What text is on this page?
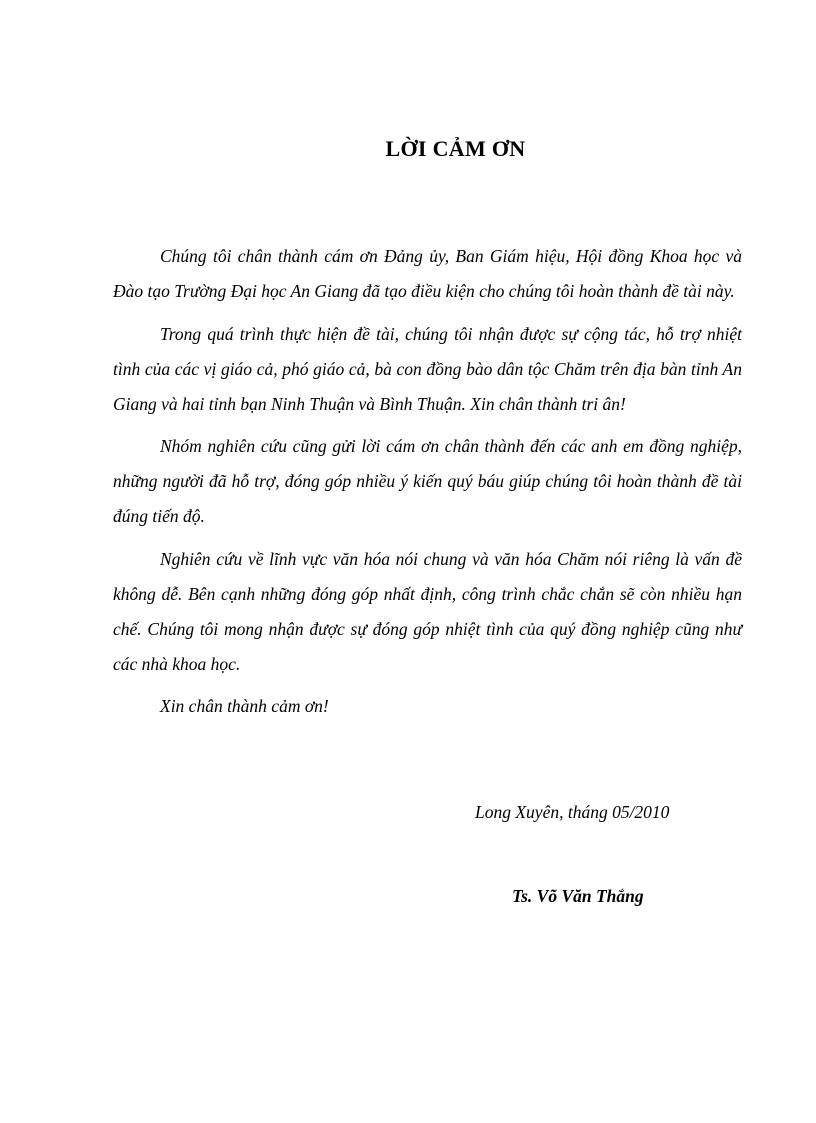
LỜI CẢM ƠN

Chúng tôi chân thành cám ơn Đảng ủy, Ban Giám hiệu, Hội đồng Khoa học và Đào tạo Trường Đại học An Giang đã tạo điều kiện cho chúng tôi hoàn thành đề tài này.

Trong quá trình thực hiện đề tài, chúng tôi nhận được sự cộng tác, hỗ trợ nhiệt tình của các vị giáo cả, phó giáo cả, bà con đồng bào dân tộc Chăm trên địa bàn tỉnh An Giang và hai tỉnh bạn Ninh Thuận và Bình Thuận. Xin chân thành tri ân!

Nhóm nghiên cứu cũng gửi lời cám ơn chân thành đến các anh em đồng nghiệp, những người đã hỗ trợ, đóng góp nhiều ý kiến quý báu giúp chúng tôi hoàn thành đề tài đúng tiến độ.

Nghiên cứu về lĩnh vực văn hóa nói chung và văn hóa Chăm nói riêng là vấn đề không dễ. Bên cạnh những đóng góp nhất định, công trình chắc chắn sẽ còn nhiều hạn chế. Chúng tôi mong nhận được sự đóng góp nhiệt tình của quý đồng nghiệp cũng như các nhà khoa học.

Xin chân thành cảm ơn!

Long Xuyên, tháng 05/2010
Ts. Võ Văn Thắng
